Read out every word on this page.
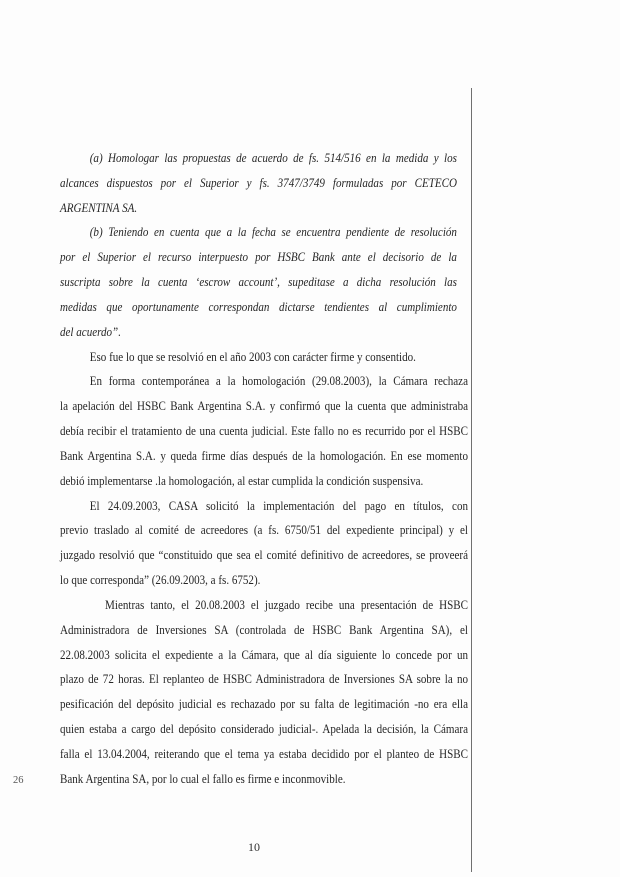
(a) Homologar las propuestas de acuerdo de fs. 514/516 en la medida y los
alcances dispuestos por el Superior y fs. 3747/3749 formuladas por CETECO
ARGENTINA SA.
(b) Teniendo en cuenta que a la fecha se encuentra pendiente de resolución
por el Superior el recurso interpuesto por HSBC Bank ante el decisorio de la
suscripta sobre la cuenta ‘escrow account’, supeditase a dicha resolución las
medidas que oportunamente correspondan dictarse tendientes al cumplimiento
del acuerdo”.
Eso fue lo que se resolvió en el año 2003 con carácter firme y consentido.
En forma contemporánea a la homologación (29.08.2003), la Cámara rechaza
la apelación del HSBC Bank Argentina S.A. y confirmó que la cuenta que administraba
debía recibir el tratamiento de una cuenta judicial. Este fallo no es recurrido por el HSBC
Bank Argentina S.A. y queda firme días después de la homologación. En ese momento
debió implementarse .la homologación, al estar cumplida la condición suspensiva.
El 24.09.2003, CASA solicitó la implementación del pago en títulos, con
previo traslado al comité de acreedores (a fs. 6750/51 del expediente principal) y el
juzgado resolvió que “constituido que sea el comité definitivo de acreedores, se proveerá
lo que corresponda” (26.09.2003, a fs. 6752).
Mientras tanto, el 20.08.2003 el juzgado recibe una presentación de HSBC
Administradora de Inversiones SA (controlada de HSBC Bank Argentina SA), el
22.08.2003 solicita el expediente a la Cámara, que al día siguiente lo concede por un
plazo de 72 horas. El replanteo de HSBC Administradora de Inversiones SA sobre la no
pesificación del depósito judicial es rechazado por su falta de legitimación -no era ella
quien estaba a cargo del depósito considerado judicial-. Apelada la decisión, la Cámara
falla el 13.04.2004, reiterando que el tema ya estaba decidido por el planteo de HSBC
Bank Argentina SA, por lo cual el fallo es firme e inconmovible.
26
10
